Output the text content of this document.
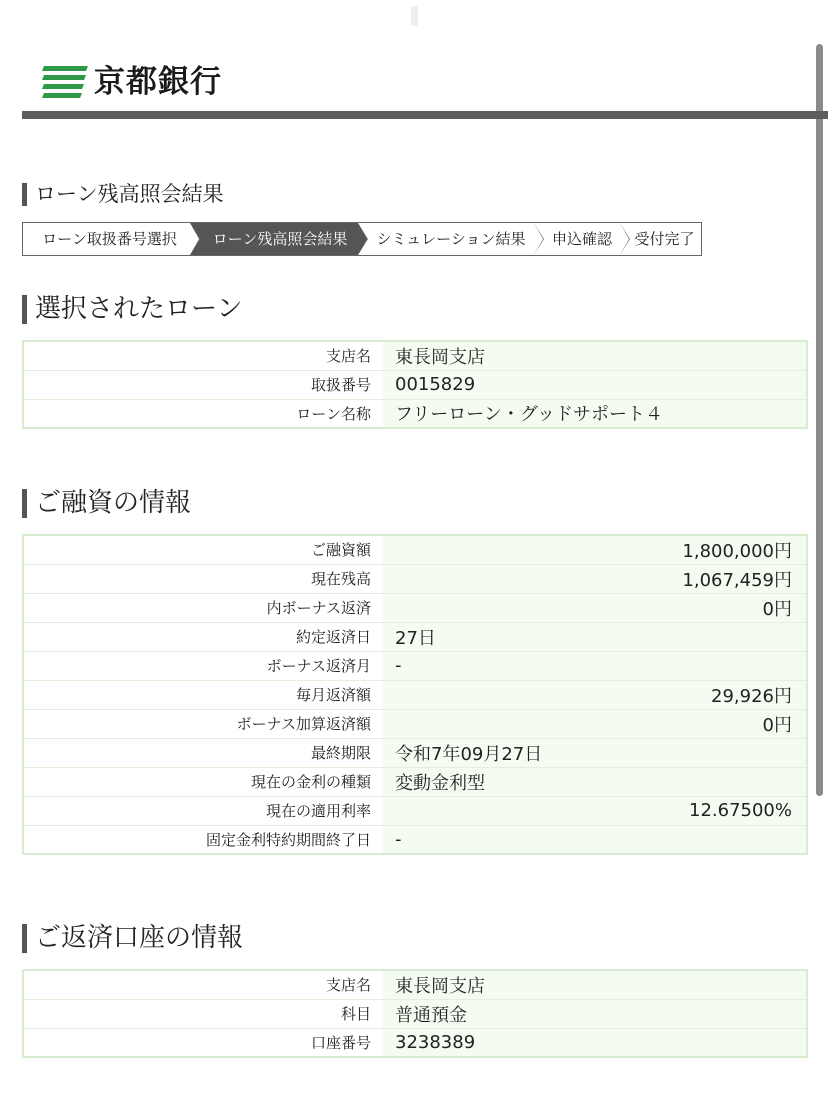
京都銀行
ローン残高照会結果
ローン取扱番号選択	ローン残高照会結果	シミュレーション結果	申込確認	受付完了
選択されたローン
支店名	東長岡支店
取扱番号	0015829
ローン名称	フリーローン・グッドサポート４
ご融資の情報
ご融資額	1,800,000円
現在残高	1,067,459円
内ボーナス返済	0円
約定返済日	27日
ボーナス返済月	-
毎月返済額	29,926円
ボーナス加算返済額	0円
最終期限	令和7年09月27日
現在の金利の種類	変動金利型
現在の適用利率	12.67500%
固定金利特約期間終了日	-
ご返済口座の情報
支店名	東長岡支店
科目	普通預金
口座番号	3238389
